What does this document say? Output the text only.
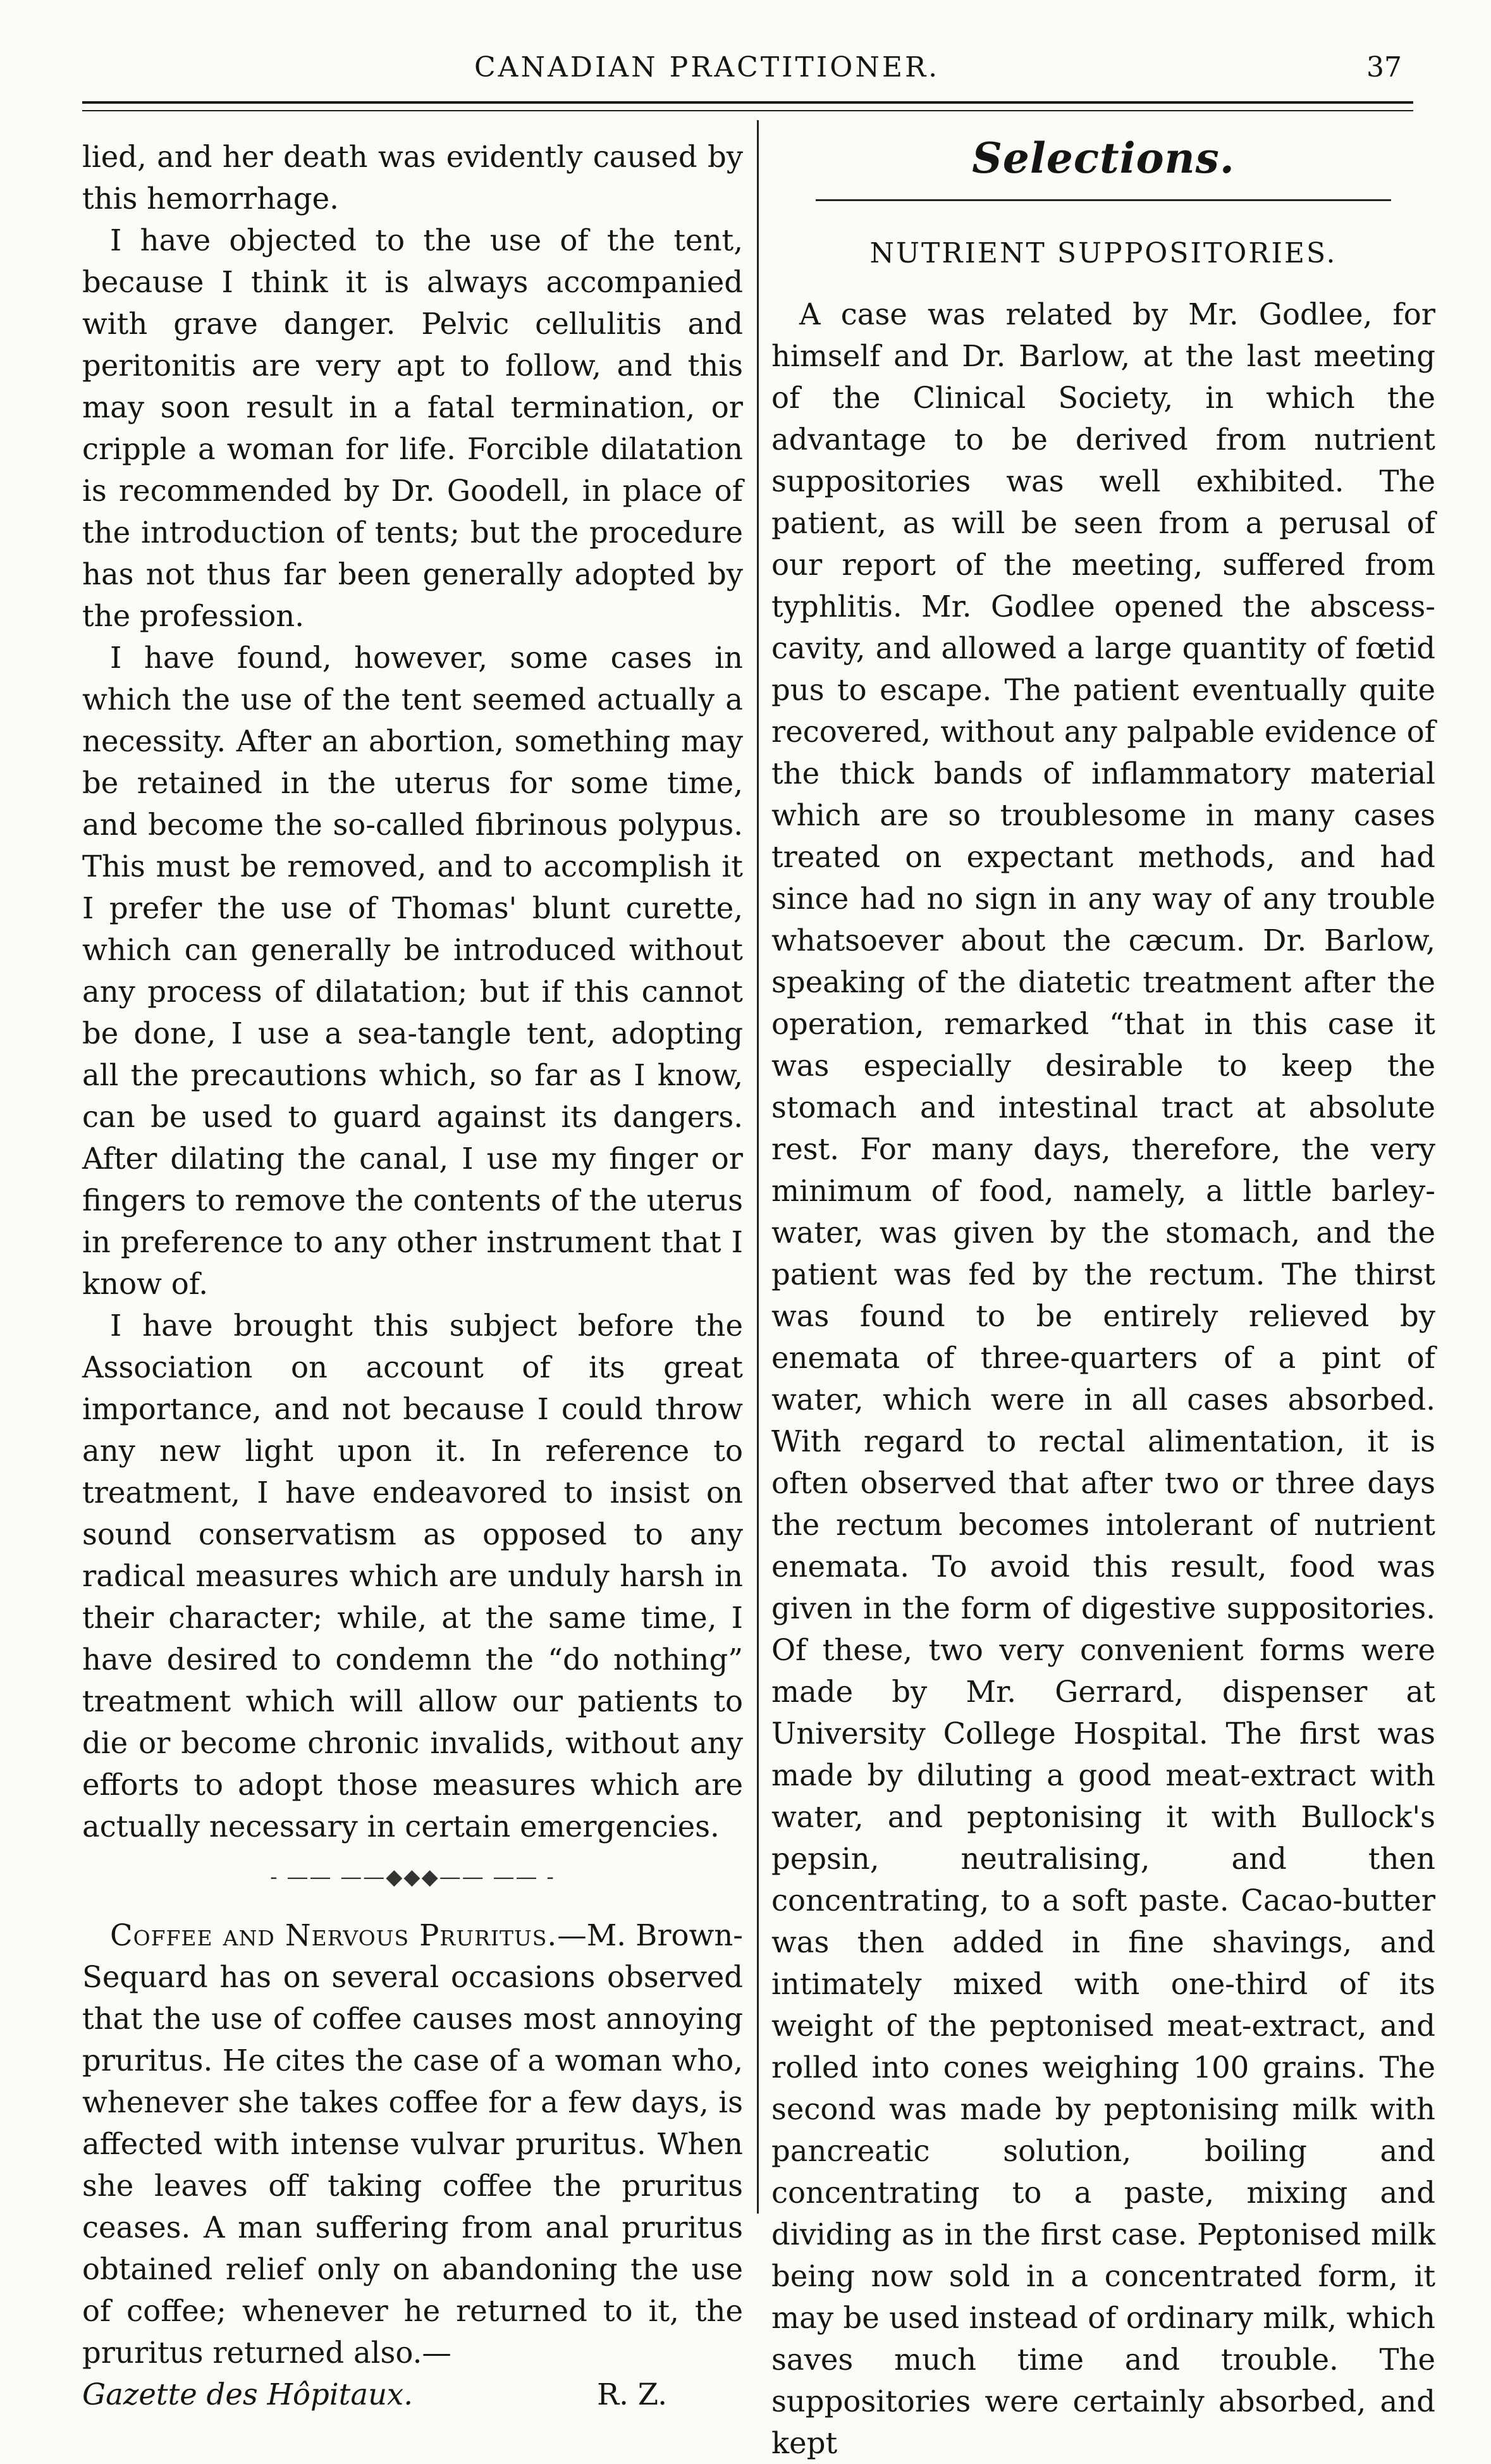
CANADIAN PRACTITIONER.	37

lied, and her death was evidently caused by this hemorrhage.

I have objected to the use of the tent, because I think it is always accompanied with grave danger. Pelvic cellulitis and peritonitis are very apt to follow, and this may soon result in a fatal termination, or cripple a woman for life. Forcible dilatation is recommended by Dr. Goodell, in place of the introduction of tents; but the procedure has not thus far been generally adopted by the profession.

I have found, however, some cases in which the use of the tent seemed actually a necessity. After an abortion, something may be retained in the uterus for some time, and become the so-called fibrinous polypus. This must be removed, and to accomplish it I prefer the use of Thomas' blunt curette, which can generally be introduced without any process of dilatation; but if this cannot be done, I use a sea-tangle tent, adopting all the precautions which, so far as I know, can be used to guard against its dangers. After dilating the canal, I use my finger or fingers to remove the contents of the uterus in preference to any other instrument that I know of.

I have brought this subject before the Association on account of its great importance, and not because I could throw any new light upon it. In reference to treatment, I have endeavored to insist on sound conservatism as opposed to any radical measures which are unduly harsh in their character; while, at the same time, I have desired to condemn the “do nothing” treatment which will allow our patients to die or become chronic invalids, without any efforts to adopt those measures which are actually necessary in certain emergencies.

- —— ——◆◆◆—— —— -

Coffee and Nervous Pruritus.—M. Brown-Sequard has on several occasions observed that the use of coffee causes most annoying pruritus. He cites the case of a woman who, whenever she takes coffee for a few days, is affected with intense vulvar pruritus. When she leaves off taking coffee the pruritus ceases. A man suffering from anal pruritus obtained relief only on abandoning the use of coffee; whenever he returned to it, the pruritus returned also.—

Gazette des Hôpitaux.	R. Z.
Selections.
NUTRIENT SUPPOSITORIES.

A case was related by Mr. Godlee, for himself and Dr. Barlow, at the last meeting of the Clinical Society, in which the advantage to be derived from nutrient suppositories was well exhibited. The patient, as will be seen from a perusal of our report of the meeting, suffered from typhlitis. Mr. Godlee opened the abscess-cavity, and allowed a large quantity of fœtid pus to escape. The patient eventually quite recovered, without any palpable evidence of the thick bands of inflammatory material which are so troublesome in many cases treated on expectant methods, and had since had no sign in any way of any trouble whatsoever about the cæcum. Dr. Barlow, speaking of the diatetic treatment after the operation, remarked “that in this case it was especially desirable to keep the stomach and intestinal tract at absolute rest. For many days, therefore, the very minimum of food, namely, a little barley-water, was given by the stomach, and the patient was fed by the rectum. The thirst was found to be entirely relieved by enemata of three-quarters of a pint of water, which were in all cases absorbed. With regard to rectal alimentation, it is often observed that after two or three days the rectum becomes intolerant of nutrient enemata. To avoid this result, food was given in the form of digestive suppositories. Of these, two very convenient forms were made by Mr. Gerrard, dispenser at University College Hospital. The first was made by diluting a good meat-extract with water, and peptonising it with Bullock's pepsin, neutralising, and then concentrating, to a soft paste. Cacao-butter was then added in fine shavings, and intimately mixed with one-third of its weight of the peptonised meat-extract, and rolled into cones weighing 100 grains. The second was made by peptonising milk with pancreatic solution, boiling and concentrating to a paste, mixing and dividing as in the first case. Peptonised milk being now sold in a concentrated form, it may be used instead of ordinary milk, which saves much time and trouble. The suppositories were certainly absorbed, and kept
